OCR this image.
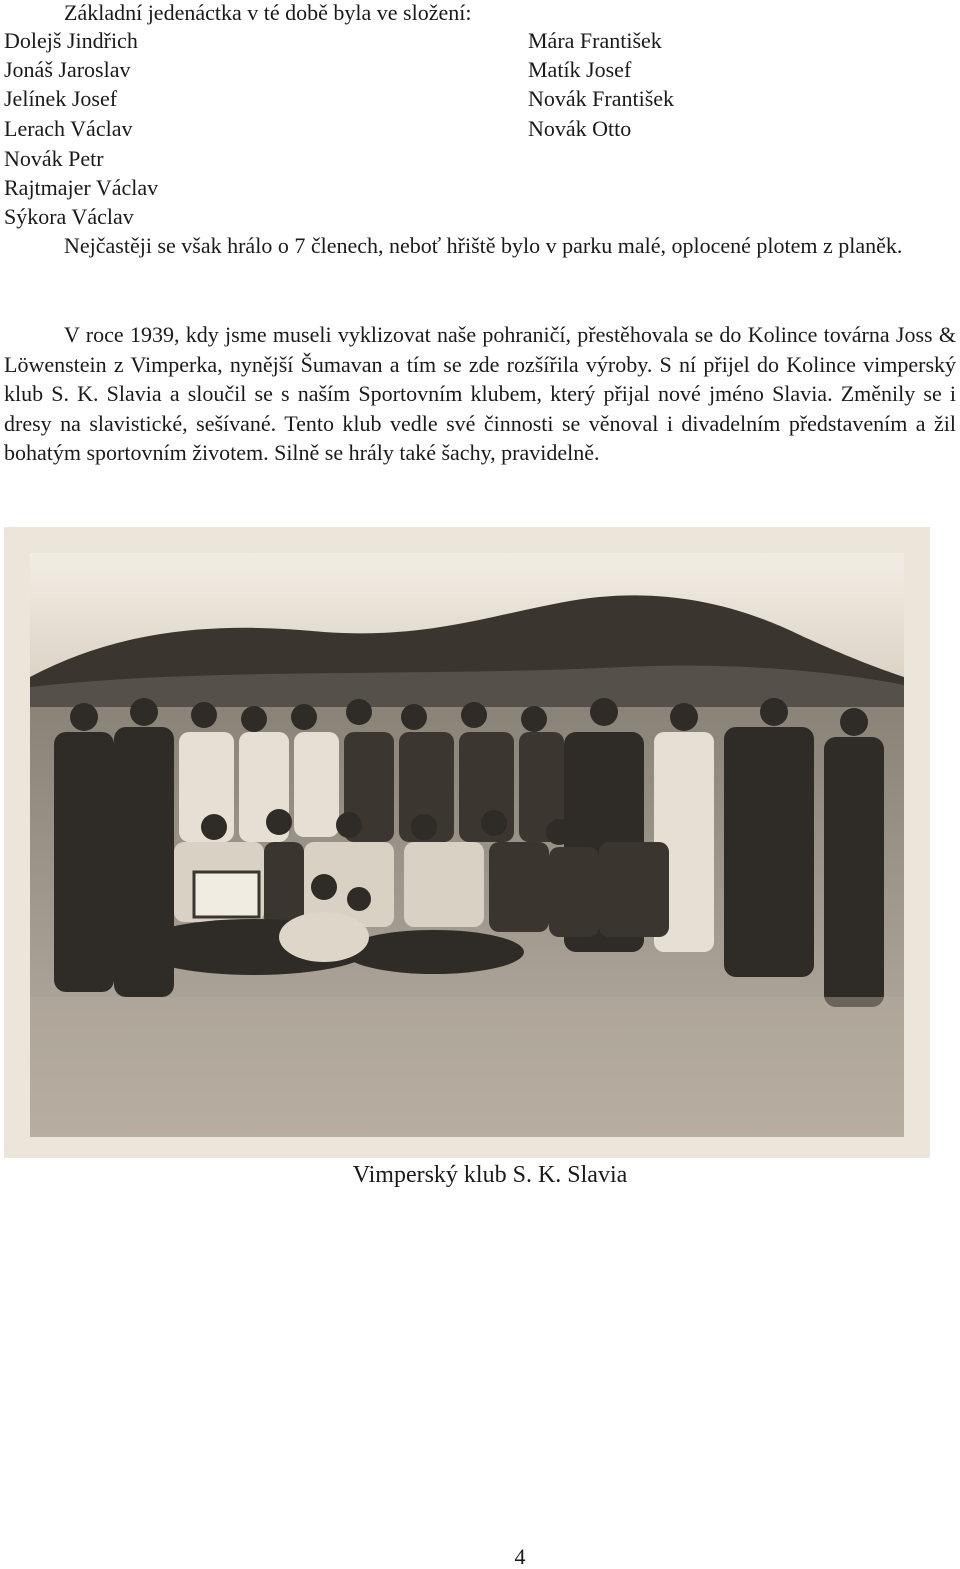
Základní jedenáctka v té době byla ve složení:
Dolejš Jindřich
Jonáš Jaroslav
Jelínek Josef
Lerach Václav
Novák Petr
Rajtmajer Václav
Sýkora Václav
Mára František
Matík Josef
Novák František
Novák Otto

Nejčastěji se však hrálo o 7 členech, neboť hřiště bylo v parku malé, oplocené plotem z planěk.

V roce 1939, kdy jsme museli vyklizovat naše pohraničí, přestěhovala se do Kolince továrna Joss & Löwenstein z Vimperka, nynější Šumavan a tím se zde rozšířila výroby. S ní přijel do Kolince vimperský klub S. K. Slavia a sloučil se s naším Sportovním klubem, který přijal nové jméno Slavia. Změnily se i dresy na slavistické, sešívané. Tento klub vedle své činnosti se věnoval i divadelním představením a žil bohatým sportovním životem. Silně se hrály také šachy, pravidelně.

Vimperský klub S. K. Slavia
4
